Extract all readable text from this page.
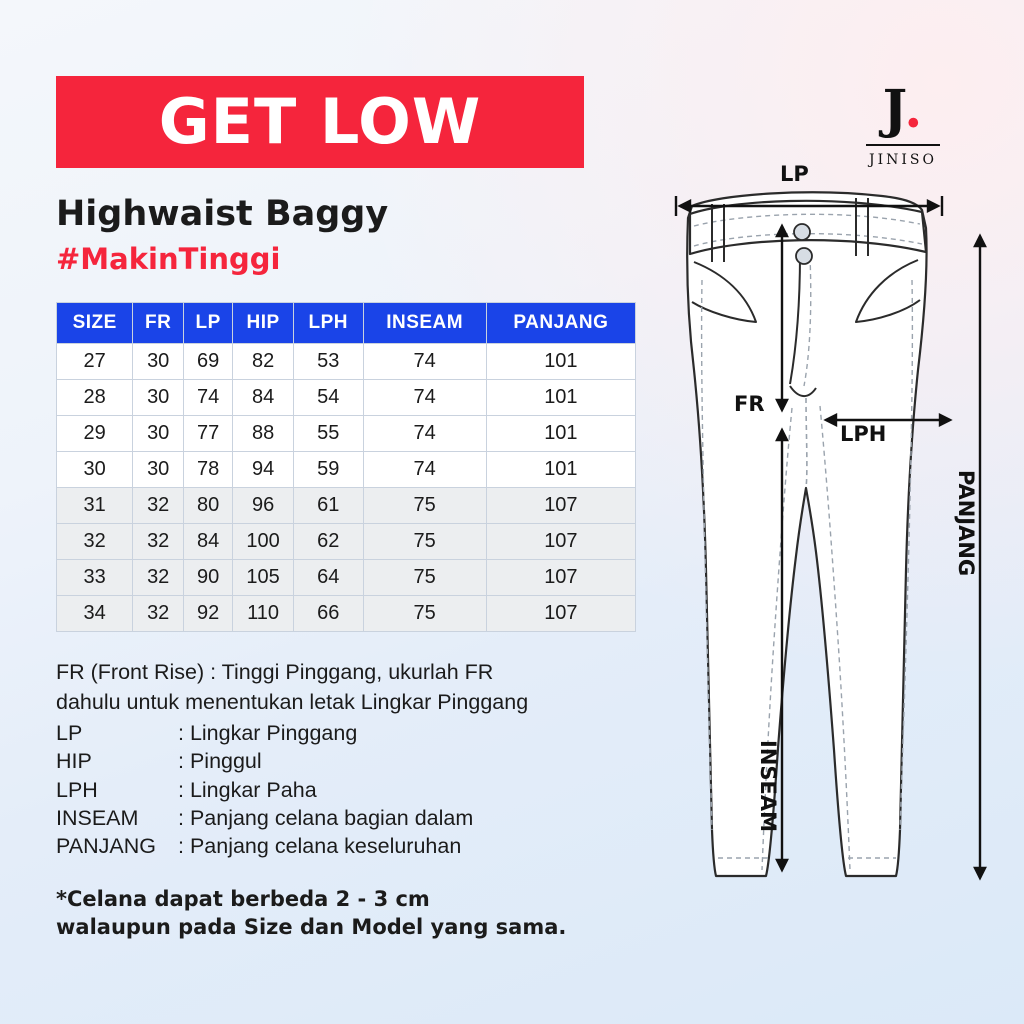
GET LOW
Highwaist Baggy
#MakinTinggi
SIZE	FR	LP	HIP	LPH	INSEAM	PANJANG
27	30	69	82	53	74	101
28	30	74	84	54	74	101
29	30	77	88	55	74	101
30	30	78	94	59	74	101
31	32	80	96	61	75	107
32	32	84	100	62	75	107
33	32	90	105	64	75	107
34	32	92	110	66	75	107
FR (Front Rise) : Tinggi Pinggang, ukurlah FR
dahulu untuk menentukan letak Lingkar Pinggang
LP	: Lingkar Pinggang
HIP	: Pinggul
LPH	: Lingkar Paha
INSEAM	: Panjang celana bagian dalam
PANJANG	: Panjang celana keseluruhan
*Celana dapat berbeda 2 - 3 cm
walaupun pada Size dan Model yang sama.
J.
JINISO
LP
FR
LPH
INSEAM
PANJANG
